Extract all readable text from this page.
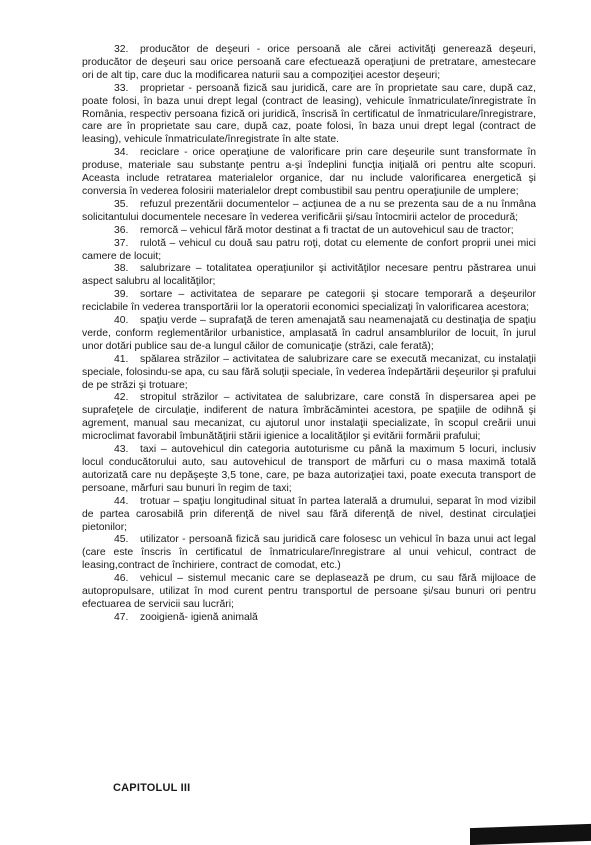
32. producător de deşeuri - orice persoană ale cărei activităţi generează deşeuri, producător de deşeuri sau orice persoană care efectuează operaţiuni de pretratare, amestecare ori de alt tip, care duc la modificarea naturii sau a compoziţiei acestor deşeuri;

33. proprietar - persoană fizică sau juridică, care are în proprietate sau care, după caz, poate folosi, în baza unui drept legal (contract de leasing), vehicule înmatriculate/înregistrate în România, respectiv persoana fizică ori juridică, înscrisă în certificatul de înmatriculare/înregistrare, care are în proprietate sau care, după caz, poate folosi, în baza unui drept legal (contract de leasing), vehicule înmatriculate/înregistrate în alte state.

34. reciclare - orice operaţiune de valorificare prin care deşeurile sunt transformate în produse, materiale sau substanţe pentru a-şi îndeplini funcţia iniţială ori pentru alte scopuri. Aceasta include retratarea materialelor organice, dar nu include valorificarea energetică şi conversia în vederea folosirii materialelor drept combustibil sau pentru operaţiunile de umplere;

35. refuzul prezentării documentelor – acţiunea de a nu se prezenta sau de a nu înmâna solicitantului documentele necesare în vederea verificării şi/sau întocmirii actelor de procedură;

36. remorcă – vehicul fără motor destinat a fi tractat de un autovehicul sau de tractor;

37. rulotă – vehicul cu două sau patru roţi, dotat cu elemente de confort proprii unei mici camere de locuit;

38. salubrizare – totalitatea operaţiunilor şi activităţilor necesare pentru păstrarea unui aspect salubru al localităţilor;

39. sortare – activitatea de separare pe categorii şi stocare temporară a deşeurilor reciclabile în vederea transportării lor la operatorii economici specializaţi în valorificarea acestora;

40. spaţiu verde – suprafaţă de teren amenajată sau neamenajată cu destinaţia de spaţiu verde, conform reglementărilor urbanistice, amplasată în cadrul ansamblurilor de locuit, în jurul unor dotări publice sau de-a lungul căilor de comunicaţie (străzi, cale ferată);

41. spălarea străzilor – activitatea de salubrizare care se execută mecanizat, cu instalaţii speciale, folosindu-se apa, cu sau fără soluţii speciale, în vederea îndepărtării deşeurilor şi prafului de pe străzi şi trotuare;

42. stropitul străzilor – activitatea de salubrizare, care constă în dispersarea apei pe suprafeţele de circulaţie, indiferent de natura îmbrăcămintei acestora, pe spaţiile de odihnă şi agrement, manual sau mecanizat, cu ajutorul unor instalaţii specializate, în scopul creării unui microclimat favorabil îmbunătăţirii stării igienice a localităţilor şi evitării formării prafului;

43. taxi – autovehicul din categoria autoturisme cu până la maximum 5 locuri, inclusiv locul conducătorului auto, sau autovehicul de transport de mărfuri cu o masa maximă totală autorizată care nu depăşeşte 3,5 tone, care, pe baza autorizaţiei taxi, poate executa transport de persoane, mărfuri sau bunuri în regim de taxi;

44. trotuar – spaţiu longitudinal situat în partea laterală a drumului, separat în mod vizibil de partea carosabilă prin diferenţă de nivel sau fără diferenţă de nivel, destinat circulaţiei pietonilor;

45. utilizator - persoană fizică sau juridică care folosesc un vehicul în baza unui act legal (care este înscris în certificatul de înmatriculare/înregistrare al unui vehicul, contract de leasing,contract de închiriere, contract de comodat, etc.)

46. vehicul – sistemul mecanic care se deplasează pe drum, cu sau fără mijloace de autopropulsare, utilizat în mod curent pentru transportul de persoane şi/sau bunuri ori pentru efectuarea de servicii sau lucrări;

47. zooigienă- igienă animală

CAPITOLUL III
